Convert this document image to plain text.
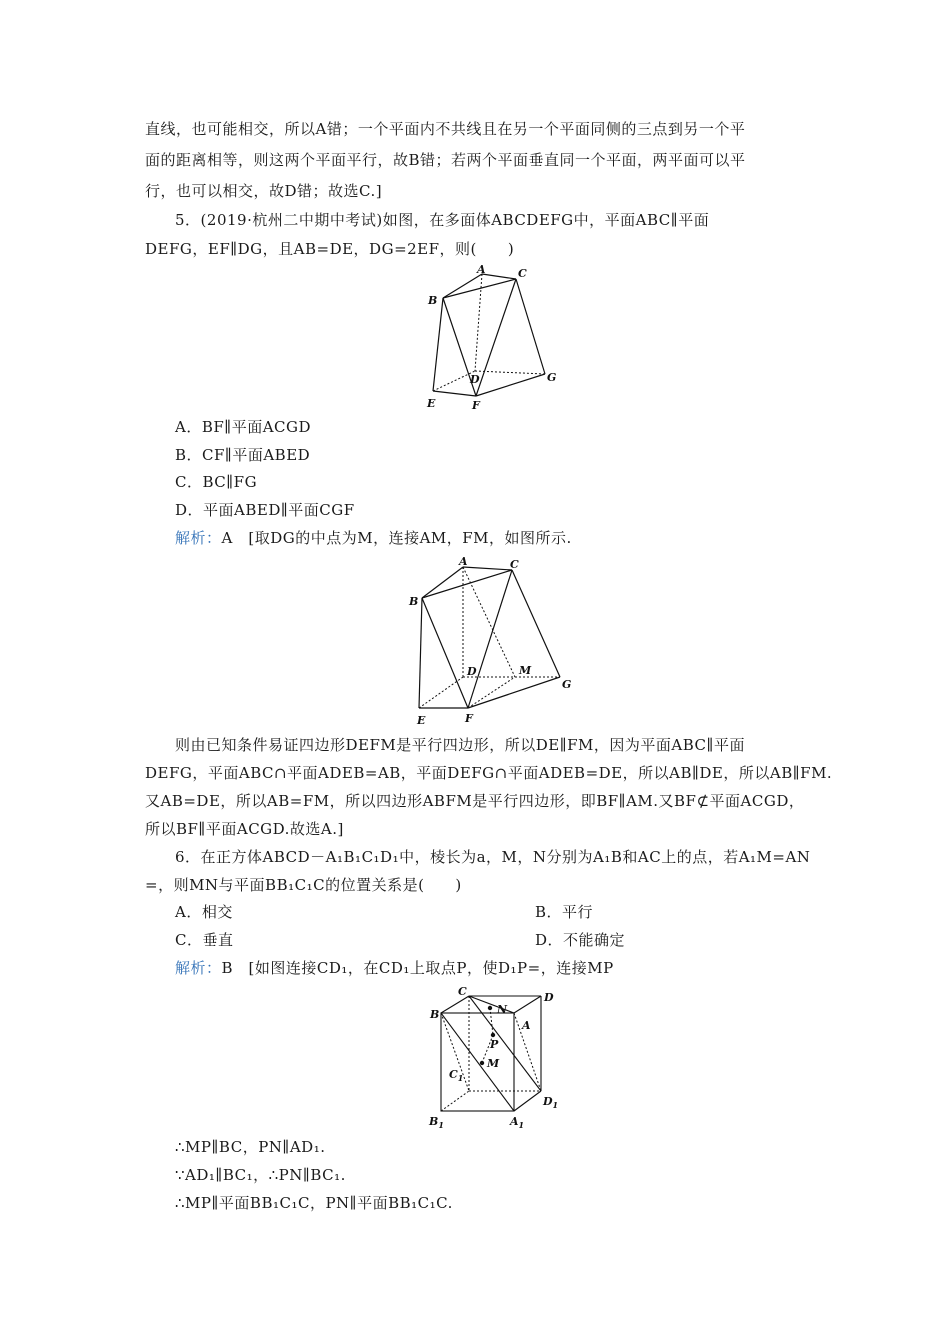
直线，也可能相交，所以A错；一个平面内不共线且在另一个平面同侧的三点到另一个平
面的距离相等，则这两个平面平行，故B错；若两个平面垂直同一个平面，两平面可以平
行，也可以相交，故D错；故选C.]
5．(2019·杭州二中期中考试)如图，在多面体ABCDEFG中，平面ABC∥平面
DEFG，EF∥DG，且AB=DE，DG=2EF，则(　　)
A	C
B
D	G
E	F
A．BF∥平面ACGD
B．CF∥平面ABED
C．BC∥FG
D．平面ABED∥平面CGF
解析：A　[取DG的中点为M，连接AM，FM，如图所示.
A	C
B
D	M
G
E	F
则由已知条件易证四边形DEFM是平行四边形，所以DE∥FM，因为平面ABC∥平面
DEFG，平面ABC∩平面ADEB=AB，平面DEFG∩平面ADEB=DE，所以AB∥DE，所以AB∥FM.
又AB=DE，所以AB=FM，所以四边形ABFM是平行四边形，即BF∥AM.又BF⊄平面ACGD，
所以BF∥平面ACGD.故选A.]
6．在正方体ABCD－A₁B₁C₁D₁中，棱长为a，M，N分别为A₁B和AC上的点，若A₁M=AN
=，则MN与平面BB₁C₁C的位置关系是(　　)
A．相交	B．平行
C．垂直	D．不能确定
解析：B　[如图连接CD₁，在CD₁上取点P，使D₁P=，连接MP
C	D
B
A
N
P
M
$C_1$
$D_1$
$B_1$	$A_1$
∴MP∥BC，PN∥AD₁.
∵AD₁∥BC₁，∴PN∥BC₁.
∴MP∥平面BB₁C₁C，PN∥平面BB₁C₁C.
